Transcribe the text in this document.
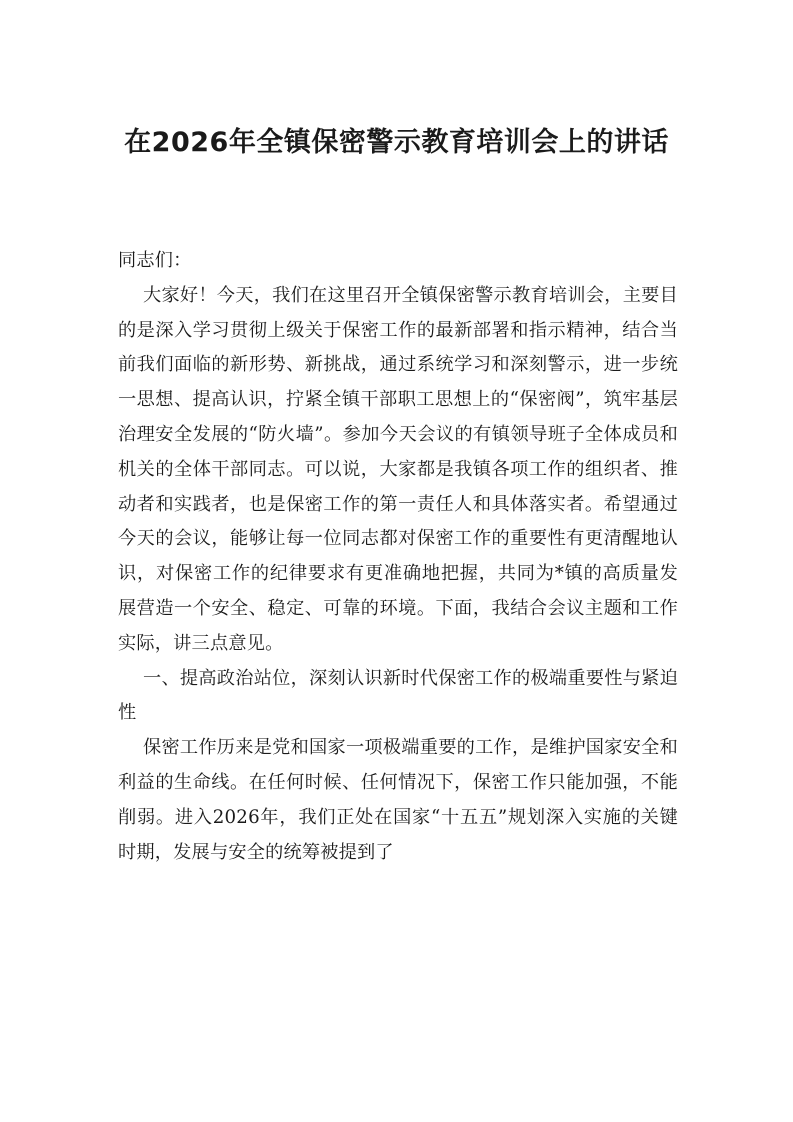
在2026年全镇保密警示教育培训会上的讲话

同志们：

大家好！今天，我们在这里召开全镇保密警示教育培训会，主要目的是深入学习贯彻上级关于保密工作的最新部署和指示精神，结合当前我们面临的新形势、新挑战，通过系统学习和深刻警示，进一步统一思想、提高认识，拧紧全镇干部职工思想上的“保密阀”，筑牢基层治理安全发展的“防火墙”。参加今天会议的有镇领导班子全体成员和机关的全体干部同志。可以说，大家都是我镇各项工作的组织者、推动者和实践者，也是保密工作的第一责任人和具体落实者。希望通过今天的会议，能够让每一位同志都对保密工作的重要性有更清醒地认识，对保密工作的纪律要求有更准确地把握，共同为*镇的高质量发展营造一个安全、稳定、可靠的环境。下面，我结合会议主题和工作实际，讲三点意见。

一、提高政治站位，深刻认识新时代保密工作的极端重要性与紧迫性

保密工作历来是党和国家一项极端重要的工作，是维护国家安全和利益的生命线。在任何时候、任何情况下，保密工作只能加强，不能削弱。进入2026年，我们正处在国家“十五五”规划深入实施的关键时期，发展与安全的统筹被提到了
